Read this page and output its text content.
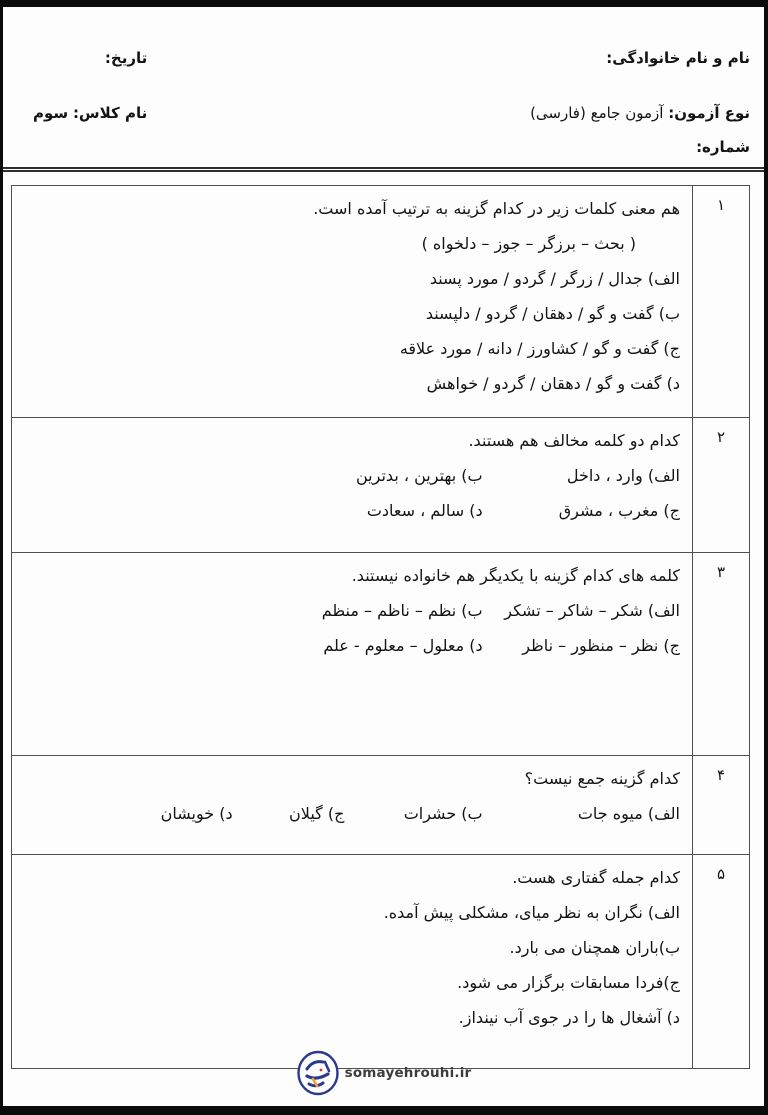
نام و نام خانوادگی:
نوع آزمون: آزمون جامع (فارسی)
شماره:
تاریخ:
نام کلاس: سوم
۱	
هم معنی کلمات زیر در کدام گزینه به ترتیب آمده است.
( بحث – برزگر – جوز – دلخواه )
الف) جدال / زرگر / گردو / مورد پسند
ب) گفت و گو / دهقان / گردو / دلپسند
ج) گفت و گو / کشاورز / دانه / مورد علاقه
د) گفت و گو / دهقان / گردو / خواهش

۲	کدام دو کلمه مخالف هم هستند.
الف) وارد ، داخل
ب) بهترین ، بدترین
ج) مغرب ، مشرق
د) سالم ، سعادت

۳	کلمه های کدام گزینه با یکدیگر هم خانواده نیستند.
الف) شکر – شاکر – تشکر
ب) نظم – ناظم – منظم
ج) نظر – منظور – ناظر
د) معلول – معلوم - علم

۴	کدام گزینه جمع نیست؟
الف) میوه جات
ب) حشرات
ج) گیلان
د) خویشان

۵	کدام جمله گفتاری هست.
الف) نگران به نظر میای، مشکلی پیش آمده.
ب)باران همچنان می بارد.
ج)فردا مسابقات برگزار می شود.
د) آشغال ها را در جوی آب نینداز.
somayehrouhi.ir
